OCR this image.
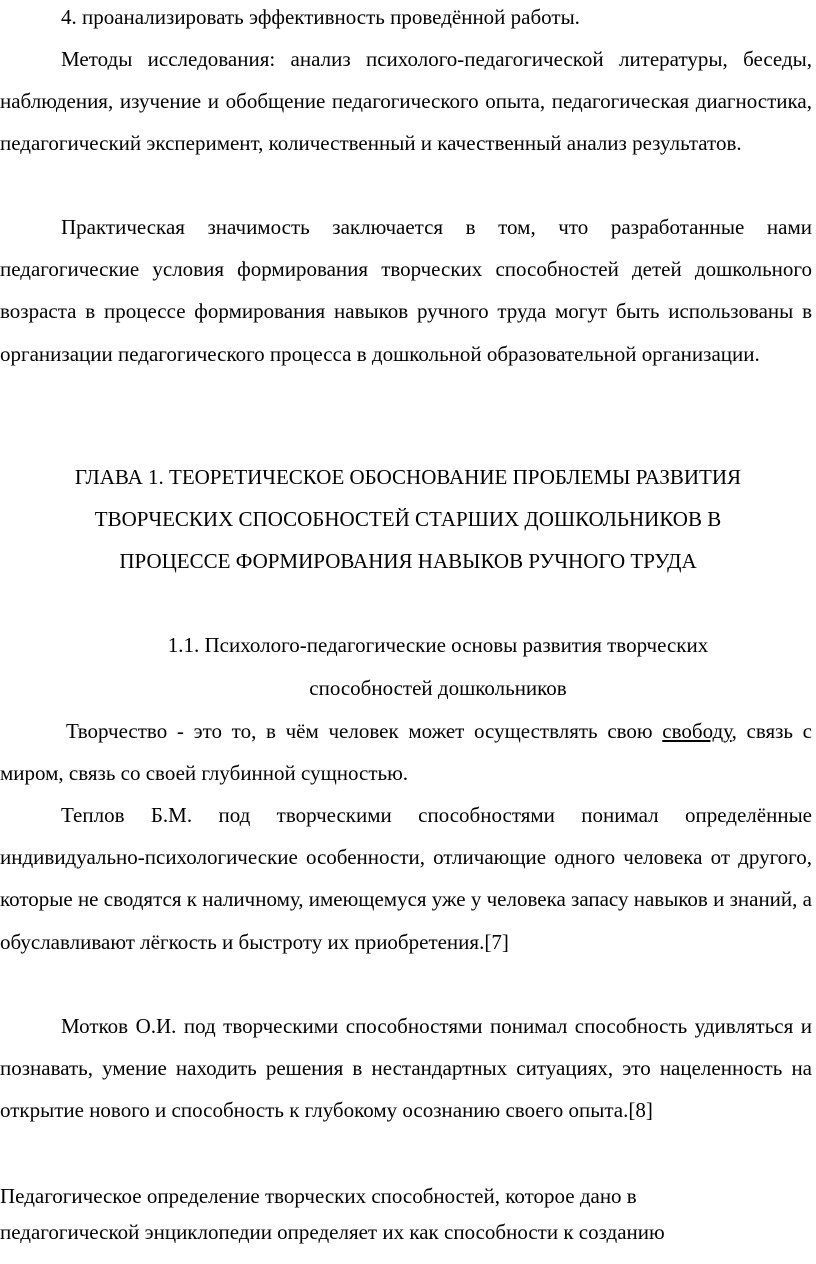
4. проанализировать эффективность проведённой работы.

Методы исследования: анализ психолого-педагогической литературы, беседы, наблюдения, изучение и обобщение педагогического опыта, педагогическая диагностика, педагогический эксперимент, количественный и качественный анализ результатов.

Практическая значимость заключается в том, что разработанные нами педагогические условия формирования творческих способностей детей дошкольного возраста в процессе формирования навыков ручного труда могут быть использованы в организации педагогического процесса в дошкольной образовательной организации.

ГЛАВА 1. ТЕОРЕТИЧЕСКОЕ ОБОСНОВАНИЕ ПРОБЛЕМЫ РАЗВИТИЯ

ТВОРЧЕСКИХ СПОСОБНОСТЕЙ СТАРШИХ ДОШКОЛЬНИКОВ В

ПРОЦЕССЕ ФОРМИРОВАНИЯ НАВЫКОВ РУЧНОГО ТРУДА

1.1. Психолого-педагогические основы развития творческих

способностей дошкольников

Творчество - это то, в чём человек может осуществлять свою свободу, связь с миром, связь со своей глубинной сущностью.

Теплов Б.М. под творческими способностями понимал определённые индивидуально-психологические особенности, отличающие одного человека от другого, которые не сводятся к наличному, имеющемуся уже у человека запасу навыков и знаний, а обуславливают лёгкость и быстроту их приобретения.[7]

Мотков О.И. под творческими способностями понимал способность удивляться и познавать, умение находить решения в нестандартных ситуациях, это нацеленность на открытие нового и способность к глубокому осознанию своего опыта.[8]

Педагогическое определение творческих способностей, которое дано в педагогической энциклопедии определяет их как способности к созданию
